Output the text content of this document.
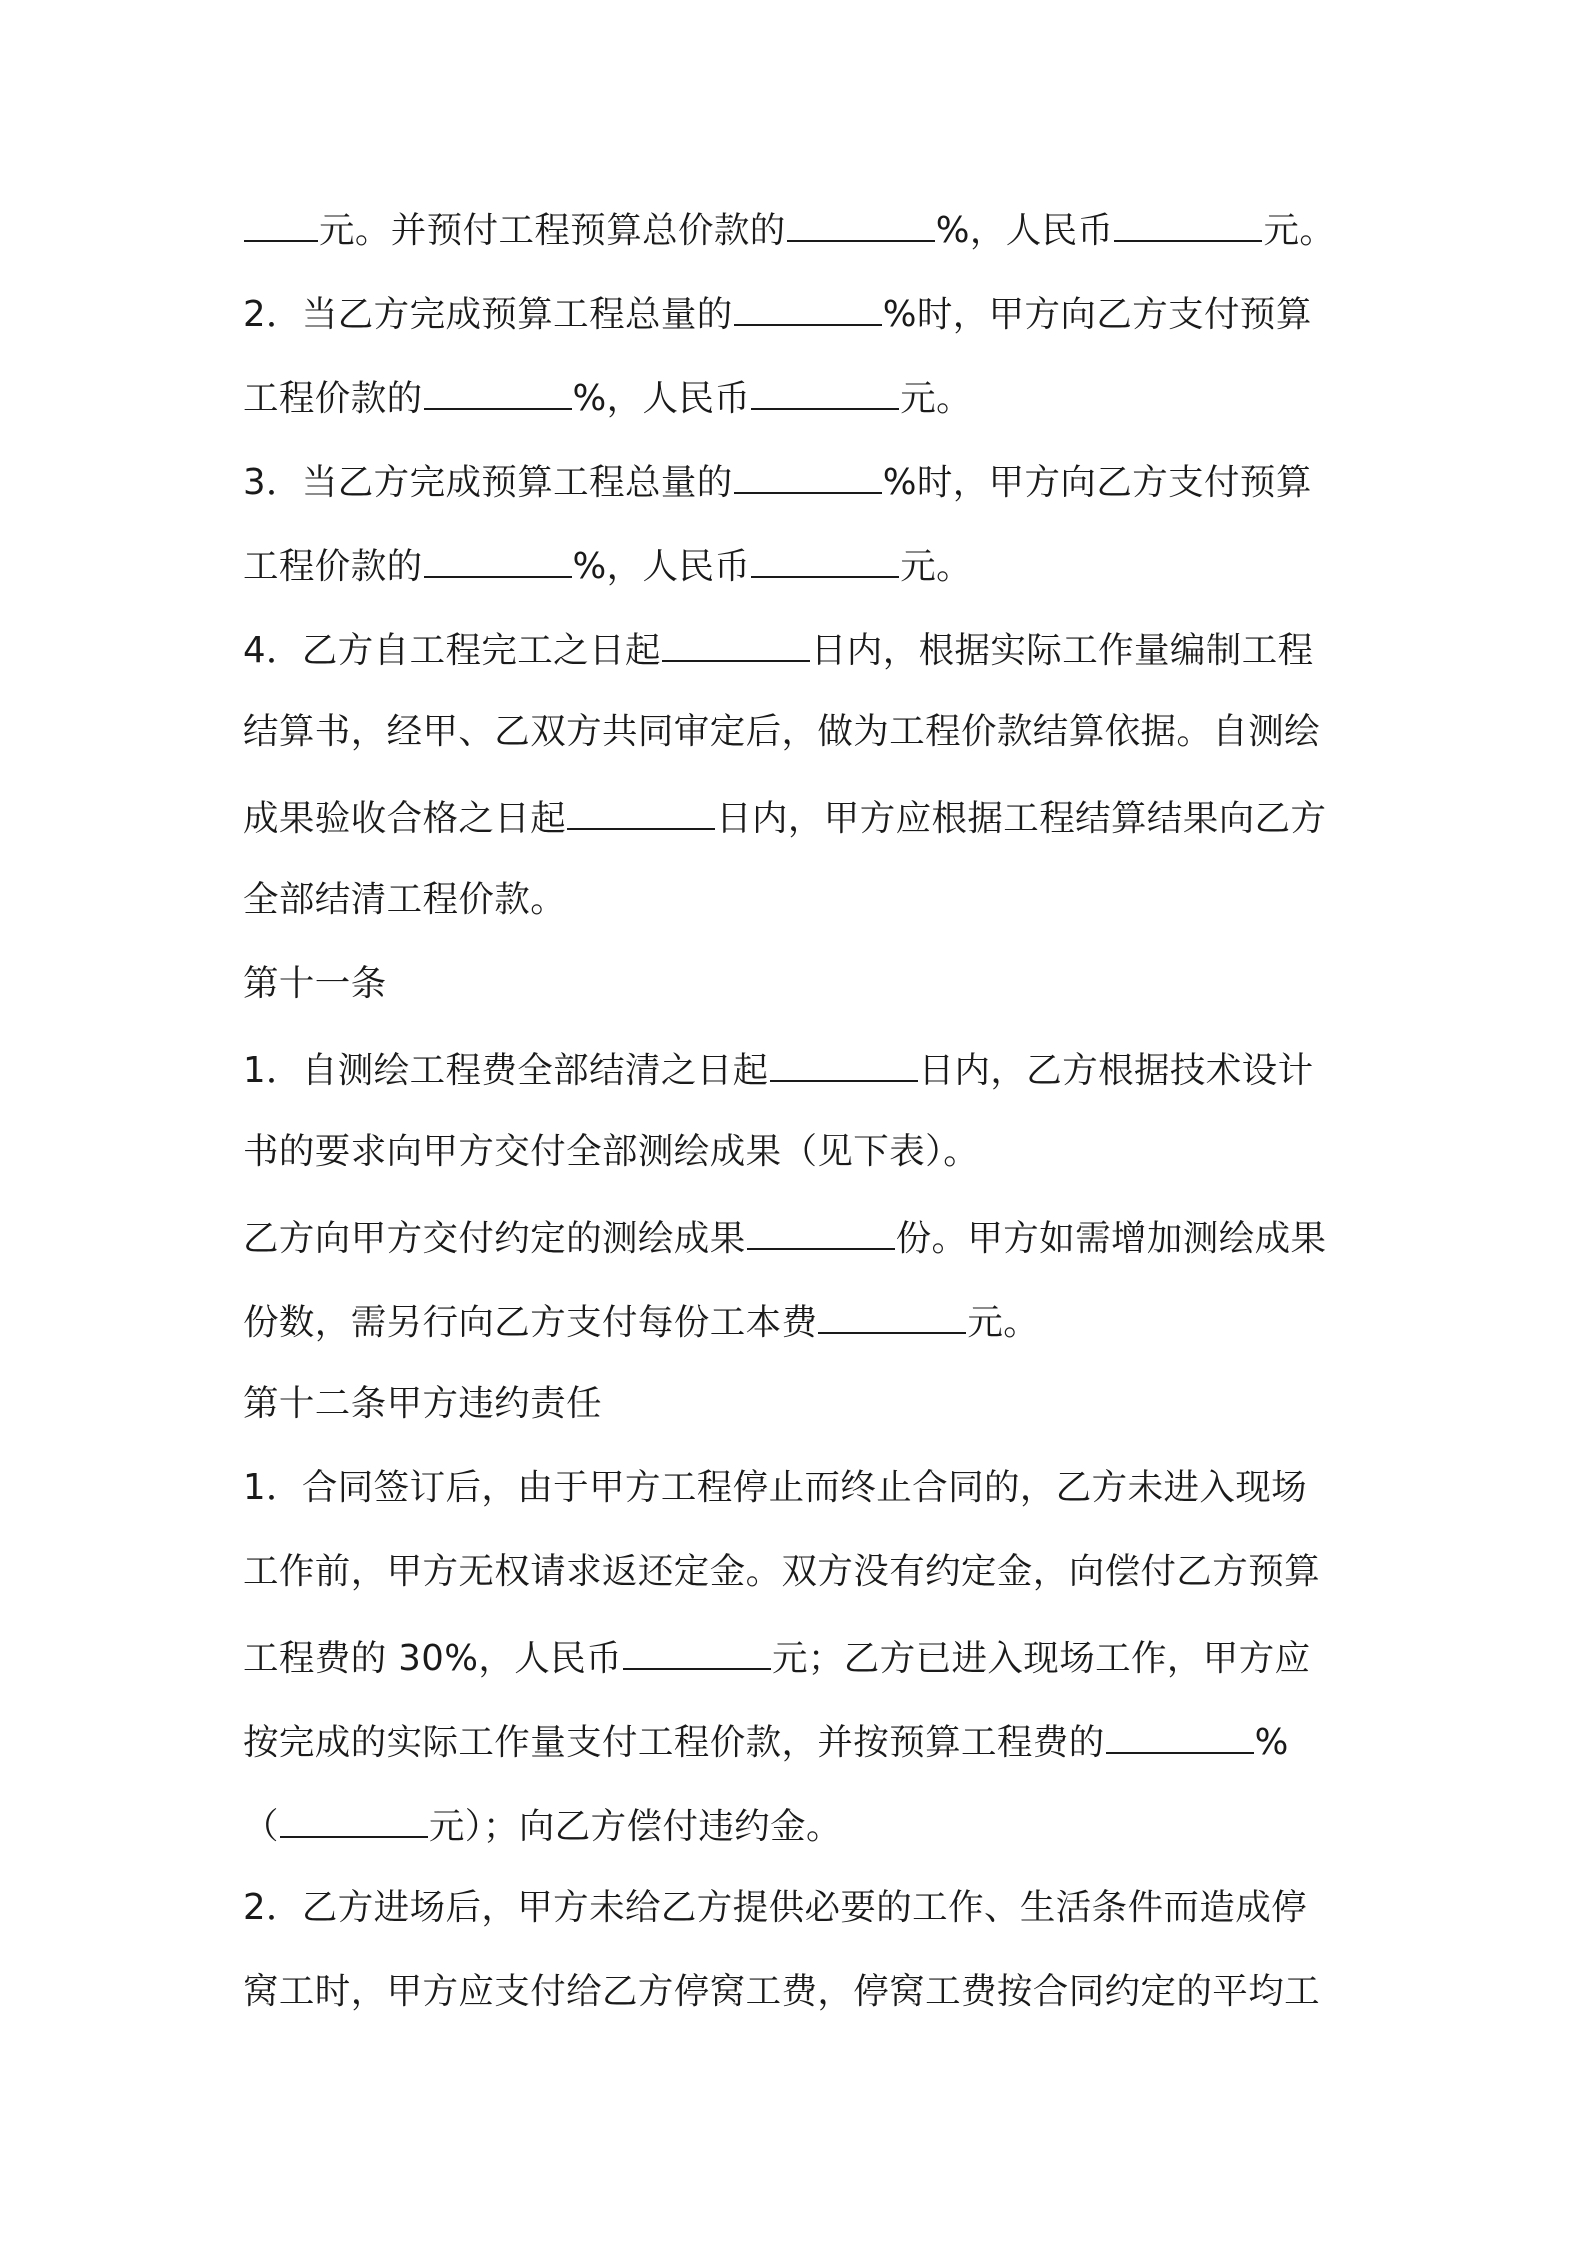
元。并预付工程预算总价款的	%，人民币	元。
2．当乙方完成预算工程总量的	%时，甲方向乙方支付预算
工程价款的	%，人民币	元。
3．当乙方完成预算工程总量的	%时，甲方向乙方支付预算
工程价款的	%，人民币	元。
4．乙方自工程完工之日起	日内，根据实际工作量编制工程
结算书，经甲、乙双方共同审定后，做为工程价款结算依据。自测绘
成果验收合格之日起	日内，甲方应根据工程结算结果向乙方
全部结清工程价款。
第十一条
1．自测绘工程费全部结清之日起	日内，乙方根据技术设计
书的要求向甲方交付全部测绘成果（见下表）。
乙方向甲方交付约定的测绘成果	份。甲方如需增加测绘成果
份数，需另行向乙方支付每份工本费	元。
第十二条甲方违约责任
1．合同签订后，由于甲方工程停止而终止合同的，乙方未进入现场
工作前，甲方无权请求返还定金。双方没有约定金，向偿付乙方预算
工程费的 30%，人民币	元；乙方已进入现场工作，甲方应
按完成的实际工作量支付工程价款，并按预算工程费的	%
（	元）；向乙方偿付违约金。
2．乙方进场后，甲方未给乙方提供必要的工作、生活条件而造成停
窝工时，甲方应支付给乙方停窝工费，停窝工费按合同约定的平均工
